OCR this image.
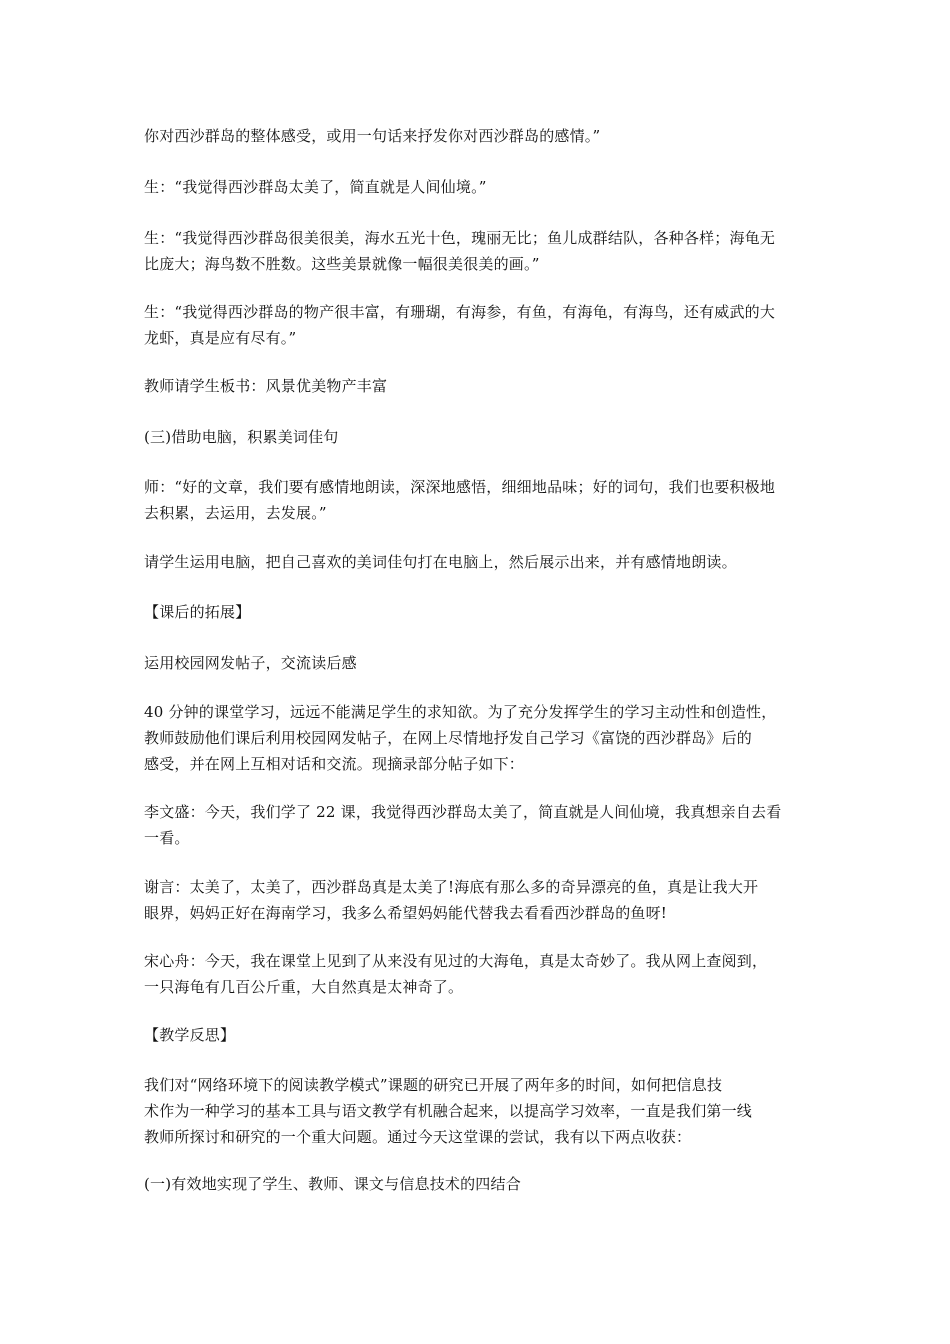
你对西沙群岛的整体感受，或用一句话来抒发你对西沙群岛的感情。”

生：“我觉得西沙群岛太美了，简直就是人间仙境。”

生：“我觉得西沙群岛很美很美，海水五光十色，瑰丽无比；鱼儿成群结队，各种各样；海龟无
比庞大；海鸟数不胜数。这些美景就像一幅很美很美的画。”

生：“我觉得西沙群岛的物产很丰富，有珊瑚，有海参，有鱼，有海龟，有海鸟，还有威武的大
龙虾，真是应有尽有。”

教师请学生板书：风景优美物产丰富

(三)借助电脑，积累美词佳句

师：“好的文章，我们要有感情地朗读，深深地感悟，细细地品味；好的词句，我们也要积极地
去积累，去运用，去发展。”

请学生运用电脑，把自己喜欢的美词佳句打在电脑上，然后展示出来，并有感情地朗读。

【课后的拓展】

运用校园网发帖子，交流读后感

40 分钟的课堂学习，远远不能满足学生的求知欲。为了充分发挥学生的学习主动性和创造性，
教师鼓励他们课后利用校园网发帖子，在网上尽情地抒发自己学习《富饶的西沙群岛》后的
感受，并在网上互相对话和交流。现摘录部分帖子如下：

李文盛：今天，我们学了 22 课，我觉得西沙群岛太美了，简直就是人间仙境，我真想亲自去看
一看。

谢言：太美了，太美了，西沙群岛真是太美了!海底有那么多的奇异漂亮的鱼，真是让我大开
眼界，妈妈正好在海南学习，我多么希望妈妈能代替我去看看西沙群岛的鱼呀!

宋心舟：今天，我在课堂上见到了从来没有见过的大海龟，真是太奇妙了。我从网上查阅到，
一只海龟有几百公斤重，大自然真是太神奇了。

【教学反思】

我们对“网络环境下的阅读教学模式”课题的研究已开展了两年多的时间，如何把信息技
术作为一种学习的基本工具与语文教学有机融合起来，以提高学习效率，一直是我们第一线
教师所探讨和研究的一个重大问题。通过今天这堂课的尝试，我有以下两点收获：

(一)有效地实现了学生、教师、课文与信息技术的四结合
